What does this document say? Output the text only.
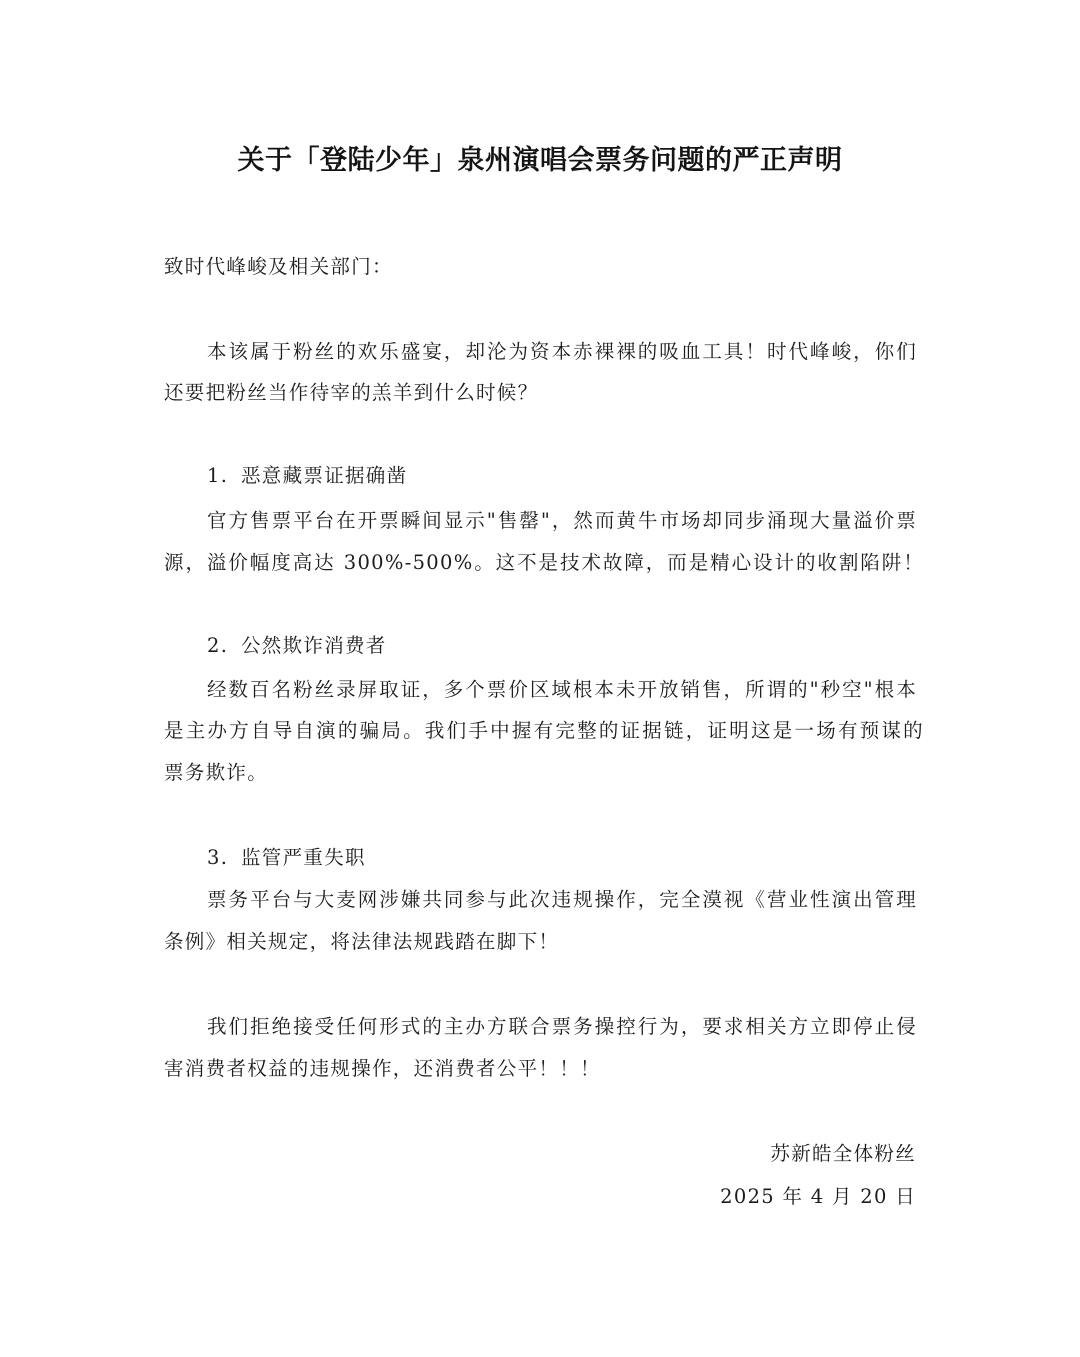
关于「登陆少年」泉州演唱会票务问题的严正声明
致时代峰峻及相关部门：
本该属于粉丝的欢乐盛宴，却沦为资本赤裸裸的吸血工具！时代峰峻，你们
还要把粉丝当作待宰的羔羊到什么时候？
1. 恶意藏票证据确凿
官方售票平台在开票瞬间显示"售罄"，然而黄牛市场却同步涌现大量溢价票
源，溢价幅度高达 300%-500%。这不是技术故障，而是精心设计的收割陷阱！
2. 公然欺诈消费者
经数百名粉丝录屏取证，多个票价区域根本未开放销售，所谓的"秒空"根本
是主办方自导自演的骗局。我们手中握有完整的证据链，证明这是一场有预谋的
票务欺诈。
3. 监管严重失职
票务平台与大麦网涉嫌共同参与此次违规操作，完全漠视《营业性演出管理
条例》相关规定，将法律法规践踏在脚下！
我们拒绝接受任何形式的主办方联合票务操控行为，要求相关方立即停止侵
害消费者权益的违规操作，还消费者公平！！！
苏新皓全体粉丝
2025 年 4 月 20 日
